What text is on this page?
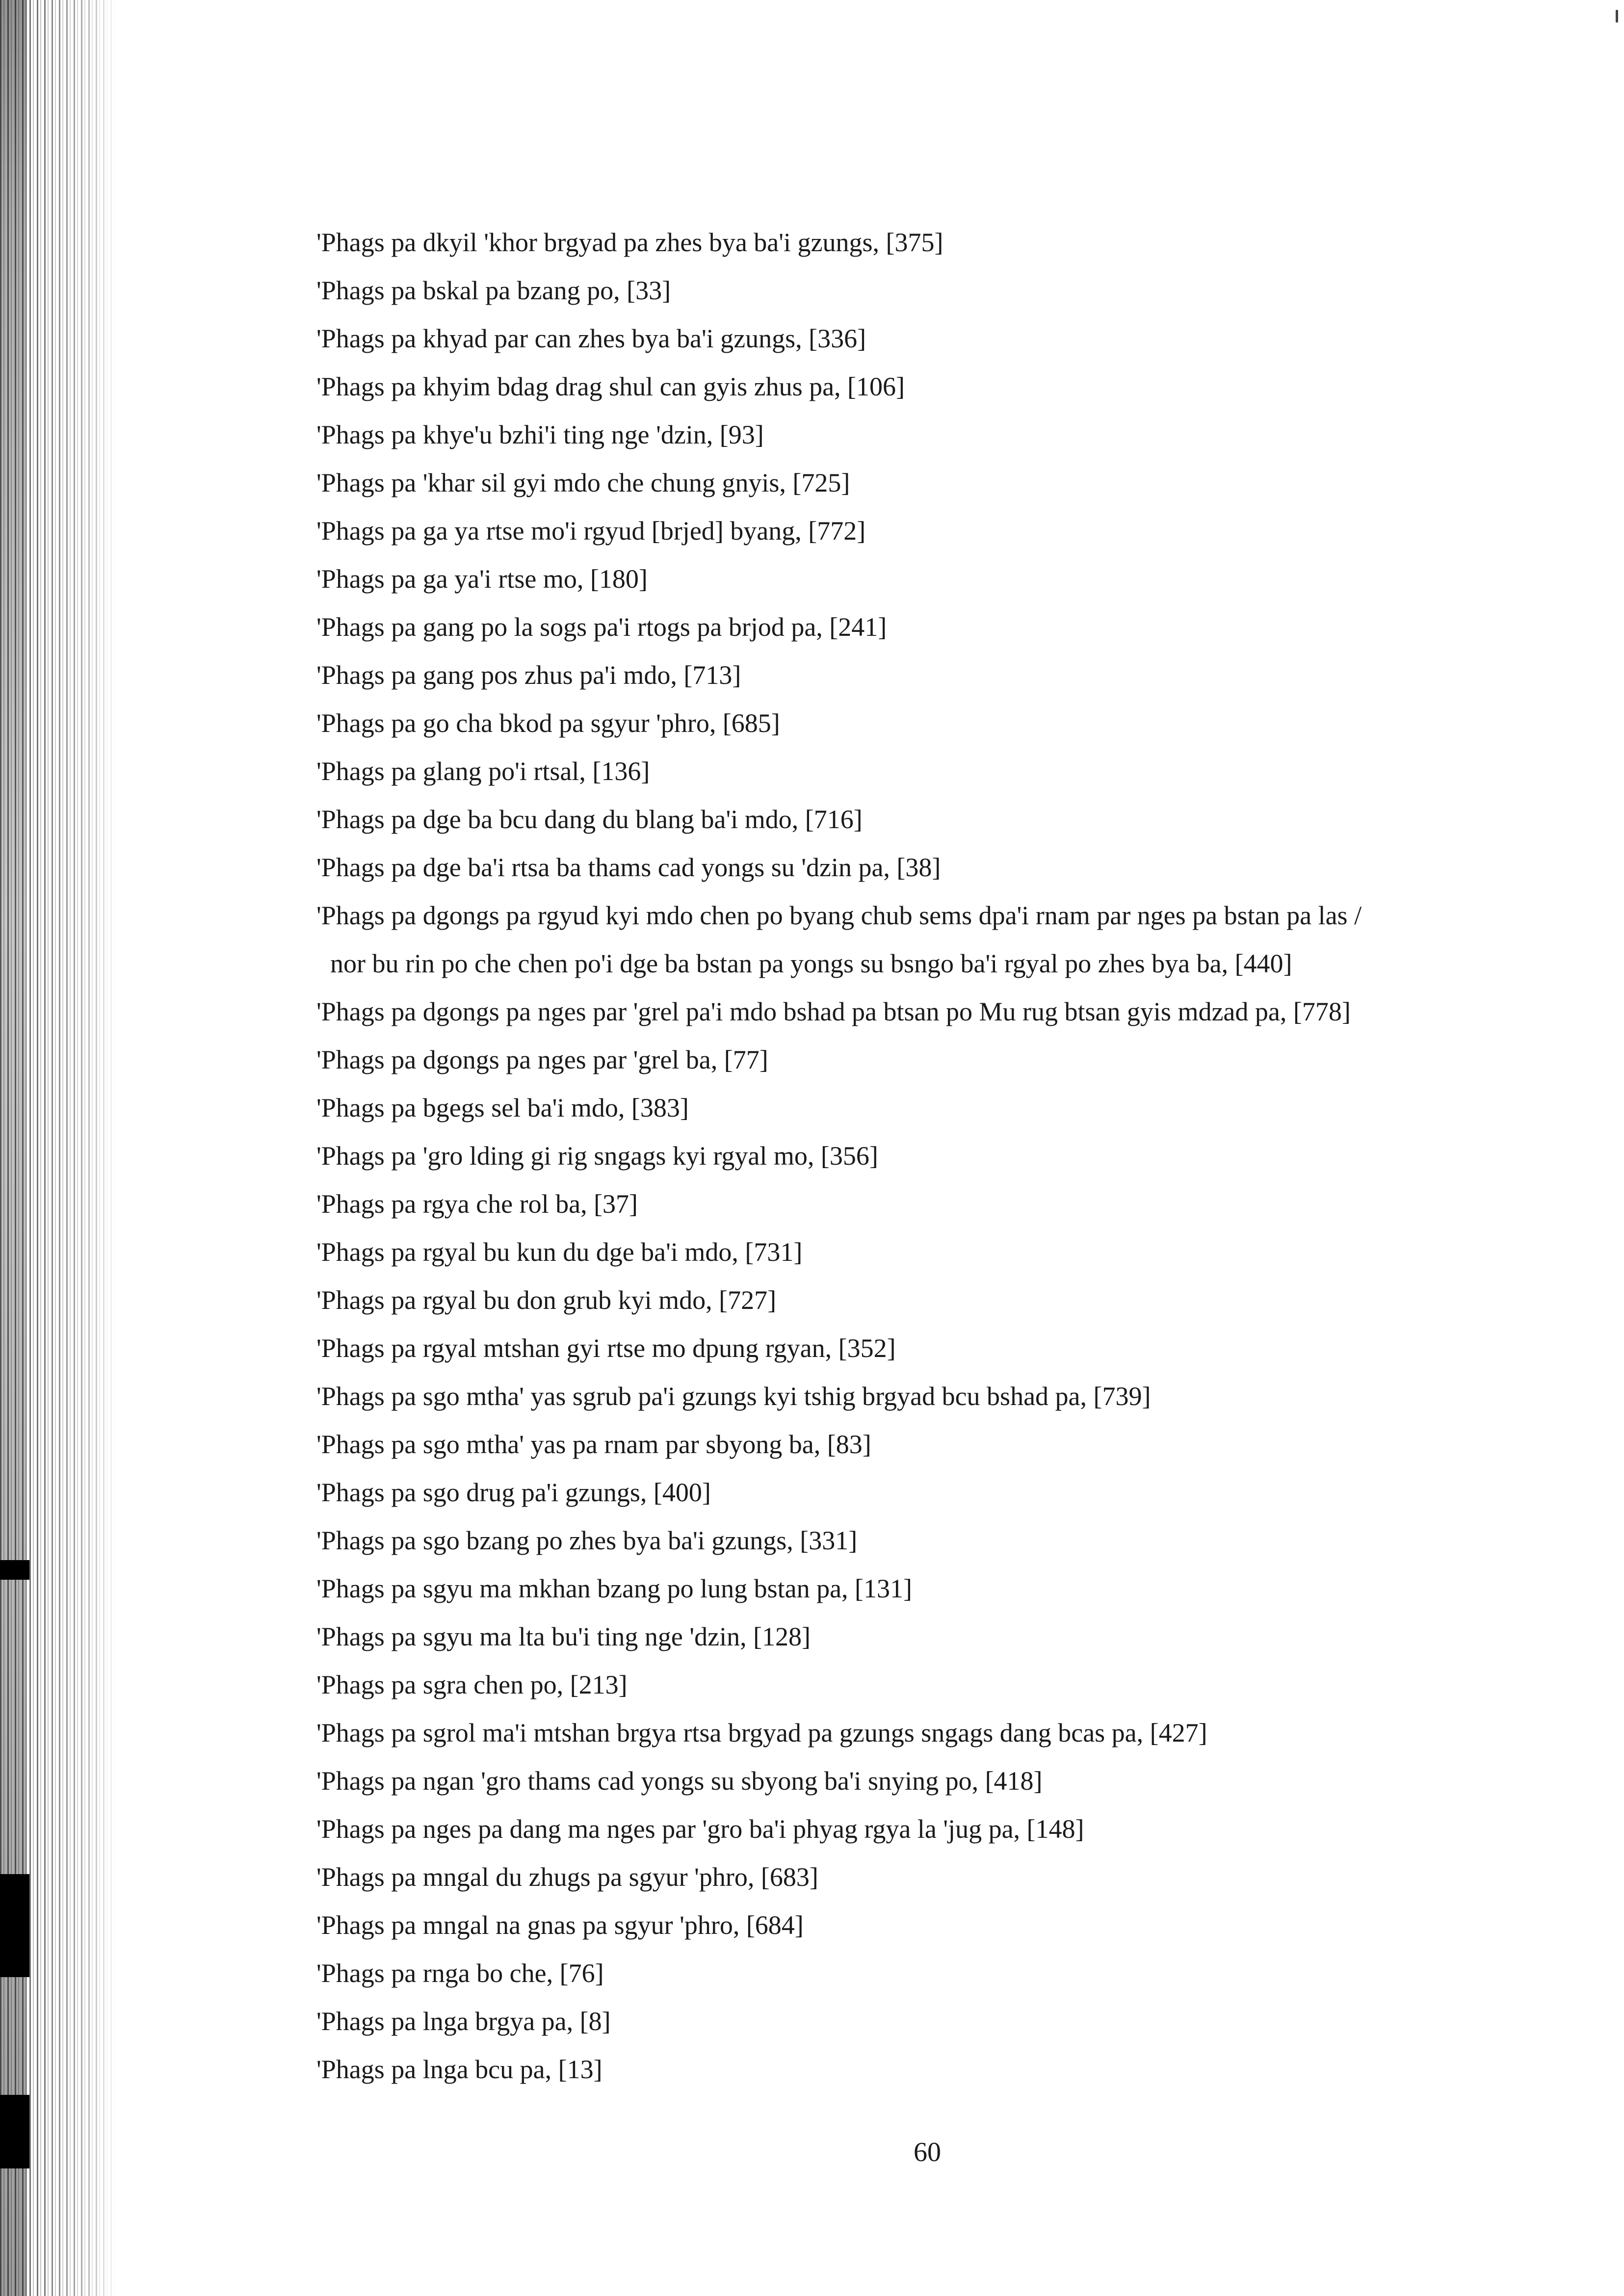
'Phags pa dkyil 'khor brgyad pa zhes bya ba'i gzungs, [375]
'Phags pa bskal pa bzang po, [33]
'Phags pa khyad par can zhes bya ba'i gzungs, [336]
'Phags pa khyim bdag drag shul can gyis zhus pa, [106]
'Phags pa khye'u bzhi'i ting nge 'dzin, [93]
'Phags pa 'khar sil gyi mdo che chung gnyis, [725]
'Phags pa ga ya rtse mo'i rgyud [brjed] byang, [772]
'Phags pa ga ya'i rtse mo, [180]
'Phags pa gang po la sogs pa'i rtogs pa brjod pa, [241]
'Phags pa gang pos zhus pa'i mdo, [713]
'Phags pa go cha bkod pa sgyur 'phro, [685]
'Phags pa glang po'i rtsal, [136]
'Phags pa dge ba bcu dang du blang ba'i mdo, [716]
'Phags pa dge ba'i rtsa ba thams cad yongs su 'dzin pa, [38]
'Phags pa dgongs pa rgyud kyi mdo chen po byang chub sems dpa'i rnam par nges pa bstan pa las /
nor bu rin po che chen po'i dge ba bstan pa yongs su bsngo ba'i rgyal po zhes bya ba, [440]
'Phags pa dgongs pa nges par 'grel pa'i mdo bshad pa btsan po Mu rug btsan gyis mdzad pa, [778]
'Phags pa dgongs pa nges par 'grel ba, [77]
'Phags pa bgegs sel ba'i mdo, [383]
'Phags pa 'gro lding gi rig sngags kyi rgyal mo, [356]
'Phags pa rgya che rol ba, [37]
'Phags pa rgyal bu kun du dge ba'i mdo, [731]
'Phags pa rgyal bu don grub kyi mdo, [727]
'Phags pa rgyal mtshan gyi rtse mo dpung rgyan, [352]
'Phags pa sgo mtha' yas sgrub pa'i gzungs kyi tshig brgyad bcu bshad pa, [739]
'Phags pa sgo mtha' yas pa rnam par sbyong ba, [83]
'Phags pa sgo drug pa'i gzungs, [400]
'Phags pa sgo bzang po zhes bya ba'i gzungs, [331]
'Phags pa sgyu ma mkhan bzang po lung bstan pa, [131]
'Phags pa sgyu ma lta bu'i ting nge 'dzin, [128]
'Phags pa sgra chen po, [213]
'Phags pa sgrol ma'i mtshan brgya rtsa brgyad pa gzungs sngags dang bcas pa, [427]
'Phags pa ngan 'gro thams cad yongs su sbyong ba'i snying po, [418]
'Phags pa nges pa dang ma nges par 'gro ba'i phyag rgya la 'jug pa, [148]
'Phags pa mngal du zhugs pa sgyur 'phro, [683]
'Phags pa mngal na gnas pa sgyur 'phro, [684]
'Phags pa rnga bo che, [76]
'Phags pa lnga brgya pa, [8]
'Phags pa lnga bcu pa, [13]
60
